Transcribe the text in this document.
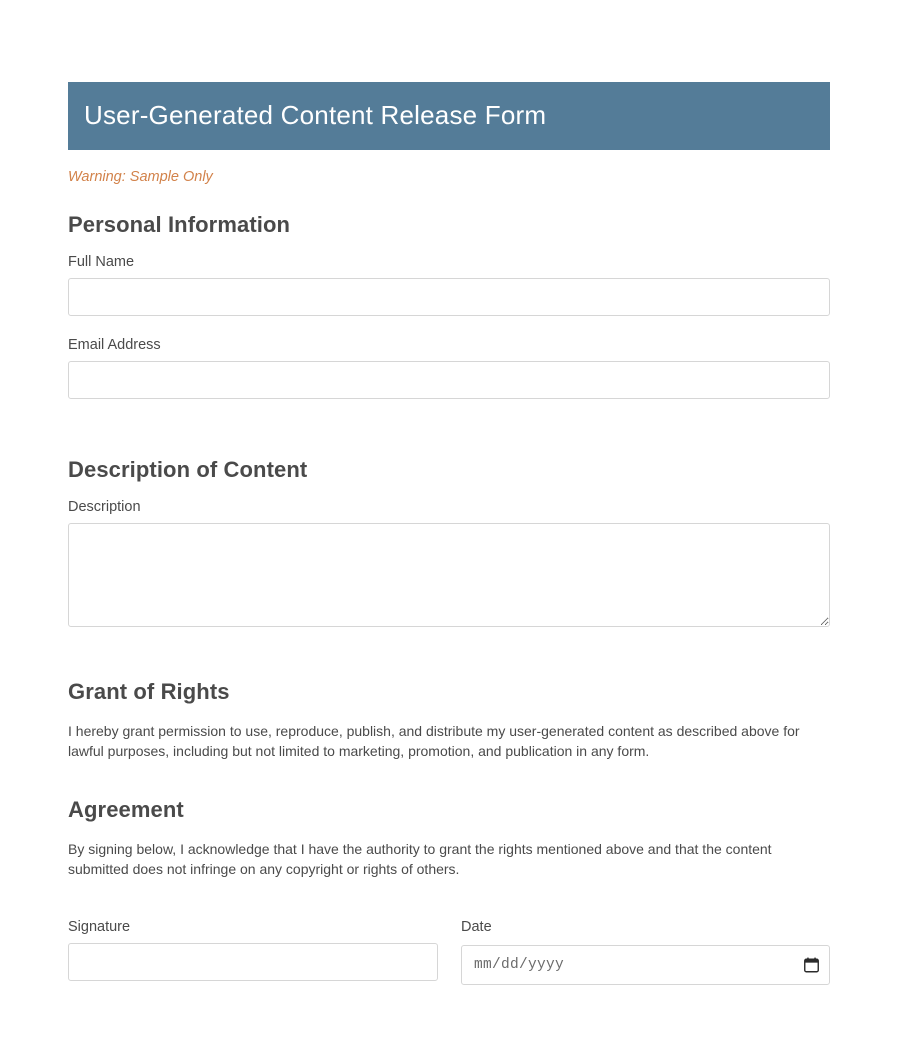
User-Generated Content Release Form
Warning: Sample Only
Personal Information
Full Name
Email Address
Description of Content
Description
Grant of Rights

I hereby grant permission to use, reproduce, publish, and distribute my user-generated content as described above for lawful purposes, including but not limited to marketing, promotion, and publication in any form.

Agreement

By signing below, I acknowledge that I have the authority to grant the rights mentioned above and that the content submitted does not infringe on any copyright or rights of others.

Signature	Date
mm/dd/yyyy
